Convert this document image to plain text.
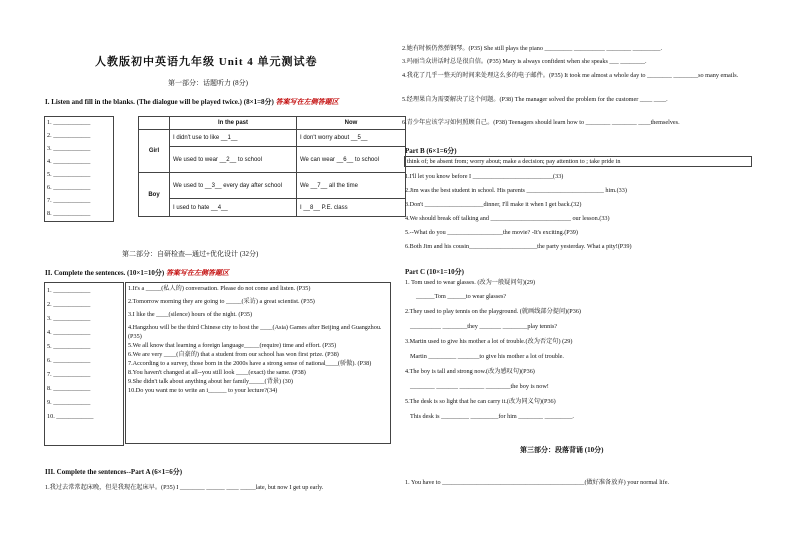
人教版初中英语九年级 Unit 4 单元测试卷
第一部分：话题听力 (8分)
I. Listen and fill in the blanks. (The dialogue will be played twice.) (8×1=8分) 答案写在左侧答题区
1. ____________
2. ____________
3. ____________
4. ____________
5. ____________
6. ____________
7. ____________
8. ____________
	In the past	Now
Girl	I didn't use to like __1__	I don't worry about __5__
	We used to wear __2__ to school	We can wear __6__ to school
Boy	We used to __3__ every day after school	We __7__ all the time
	I used to hate __4__	I __8__ P.E. class
第二部分：自研检查—通过+优化设计 (32分)
II. Complete the sentences. (10×1=10分) 答案写在左侧答题区
1. ____________
2. ____________
3. ____________
4. ____________
5. ____________
6. ____________
7. ____________
8. ____________
9. ____________
10. ____________
1.It's a _____(私人的) conversation. Please do not come and listen. (P35)
2.Tomorrow morning they are going to _____(采访) a great scientist. (P35)
3.I like the ____(silence) hours of the night. (P35)
4.Hangzhou will be the third Chinese city to host the ____(Asia) Games after Beijing and Guangzhou. (P35)
5.We all know that learning a foreign language_____(require) time and effort. (P35)
6.We are very ____(自豪的) that a student from our school has won first prize. (P38)
7.According to a survey, those born in the 2000s have a strong sense of national____(骄傲). (P38)
8.You haven't changed at all--you still look ____(exact) the same. (P38)
9.She didn't talk about anything about her family_____(背景) (30)
10.Do you want me to write an i______ to your lecture?(34)
III. Complete the sentences--Part A (6×1=6分)
1.我过去常常起床晚，但是我现在起床早。(P35) I ________ ______ ____ _____late, but now I get up early.
2.她有时候仍然弹钢琴。(P35) She still plays the piano _________ __________ ________ _________.
3.玛丽当众讲话时总是很自信。(P35) Mary is always confident when she speaks ___ ________.
4.我花了几乎一整天的时间来处理这么多的电子邮件。(P35) It took me almost a whole day to ________ ________so many emails.
5.经理果自为需要解决了这个问题。(P38) The manager solved the problem for the customer ____ ____.
6.青少年应该学习如何照顾自己。(P38) Teenagers should learn how to ________ ________ ____themselves.
Part B (6×1=6分)
think of; be absent from; worry about; make a decision; pay attention to ; take pride in
1.I'll let you know before I __________________________(33)
2.Jim was the best student in school. His parents _________________________ him.(33)
3.Don't ___________________dinner, I'll make it when I get back.(32)
4.We should break off talking and __________________________ our lesson.(33)
5.--What do you __________________the movie? -It's exciting.(P39)
6.Both Jim and his cousin______________________the party yesterday. What a pity!(P39)
Part C (10×1=10分)
1. Tom used to wear glasses. (改为一般疑问句)(29)
______Tom ______to wear glasses?
2.They used to play tennis on the playground. (就画线部分提问)(P36)
__________ ________they _______ ________play tennis?
3.Martin used to give his mother a lot of trouble.(改为否定句) (29)
Martin _________ _______to give his mother a lot of trouble.
4.The boy is tall and strong now.(改为感叹句)(P36)
________ _______ ________ ________the boy is now!
5.The desk is so light that he can carry it.(改为同义句)(P36)
This desk is _________ _________for him ________ _________.
第三部分：段落背诵 (10分)
1. You have to ______________________________________________(做好准备放弃) your normal life.
